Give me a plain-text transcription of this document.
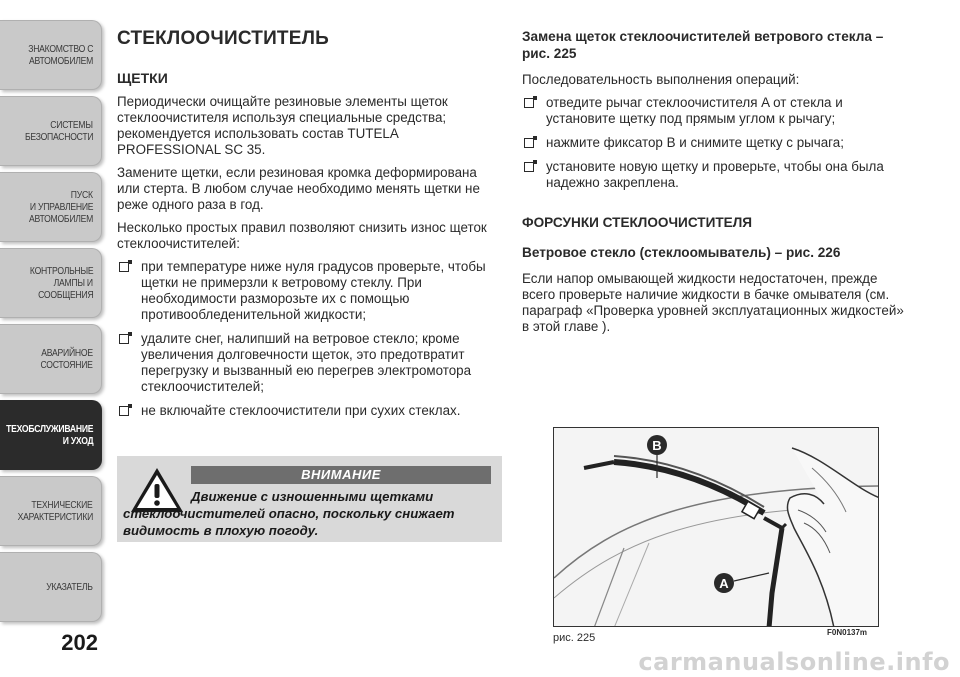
ЗНАКОМСТВО С
АВТОМОБИЛЕМ
СИСТЕМЫ
БЕЗОПАСНОСТИ
ПУСК
И УПРАВЛЕНИЕ
АВТОМОБИЛЕМ
КОНТРОЛЬНЫЕ
ЛАМПЫ И
СООБЩЕНИЯ
АВАРИЙНОЕ
СОСТОЯНИЕ
ТЕХОБСЛУЖИВАНИЕ
И УХОД
ТЕХНИЧЕСКИЕ
ХАРАКТЕРИСТИКИ
УКАЗАТЕЛЬ
202
СТЕКЛООЧИСТИТЕЛЬ
ЩЕТКИ

Периодически очищайте резиновые элементы щеток стеклоочистителя используя специальные средства; рекомендуется использовать состав TUTELA PROFESSIONAL SC 35.

Замените щетки, если резиновая кромка деформирована или стерта. В любом случае необходимо менять щетки не реже одного раза в год.

Несколько простых правил позволяют снизить износ щеток стеклоочистителей:

при температуре ниже нуля градусов проверьте, чтобы щетки не примерзли к ветровому стеклу. При необходимости разморозьте их с помощью противообледенительной жидкости;
удалите снег, налипший на ветровое стекло; кроме увеличения долговечности щеток, это предотвратит перегрузку и вызванный ею перегрев электромотора стеклоочистителей;
не включайте стеклоочистители при сухих стеклах.
ВНИМАНИЕ
Движение с изношенными щетками стеклоочистителей опасно, поскольку снижает видимость в плохую погоду.
Замена щеток стеклоочистителей ветрового стекла – рис. 225

Последовательность выполнения операций:

отведите рычаг стеклоочистителя A от стекла и установите щетку под прямым углом к рычагу;
нажмите фиксатор B и снимите щетку с рычага;
установите новую щетку и проверьте, чтобы она была надежно закреплена.
ФОРСУНКИ СТЕКЛООЧИСТИТЕЛЯ
Ветровое стекло (стеклоомыватель) – рис. 226

Если напор омывающей жидкости недостаточен, прежде всего проверьте наличие жидкости в бачке омывателя (см. параграф «Проверка уровней эксплуатационных жидкостей» в этой главе ).

B
A
рис. 225	F0N0137m
carmanualsonline.info
